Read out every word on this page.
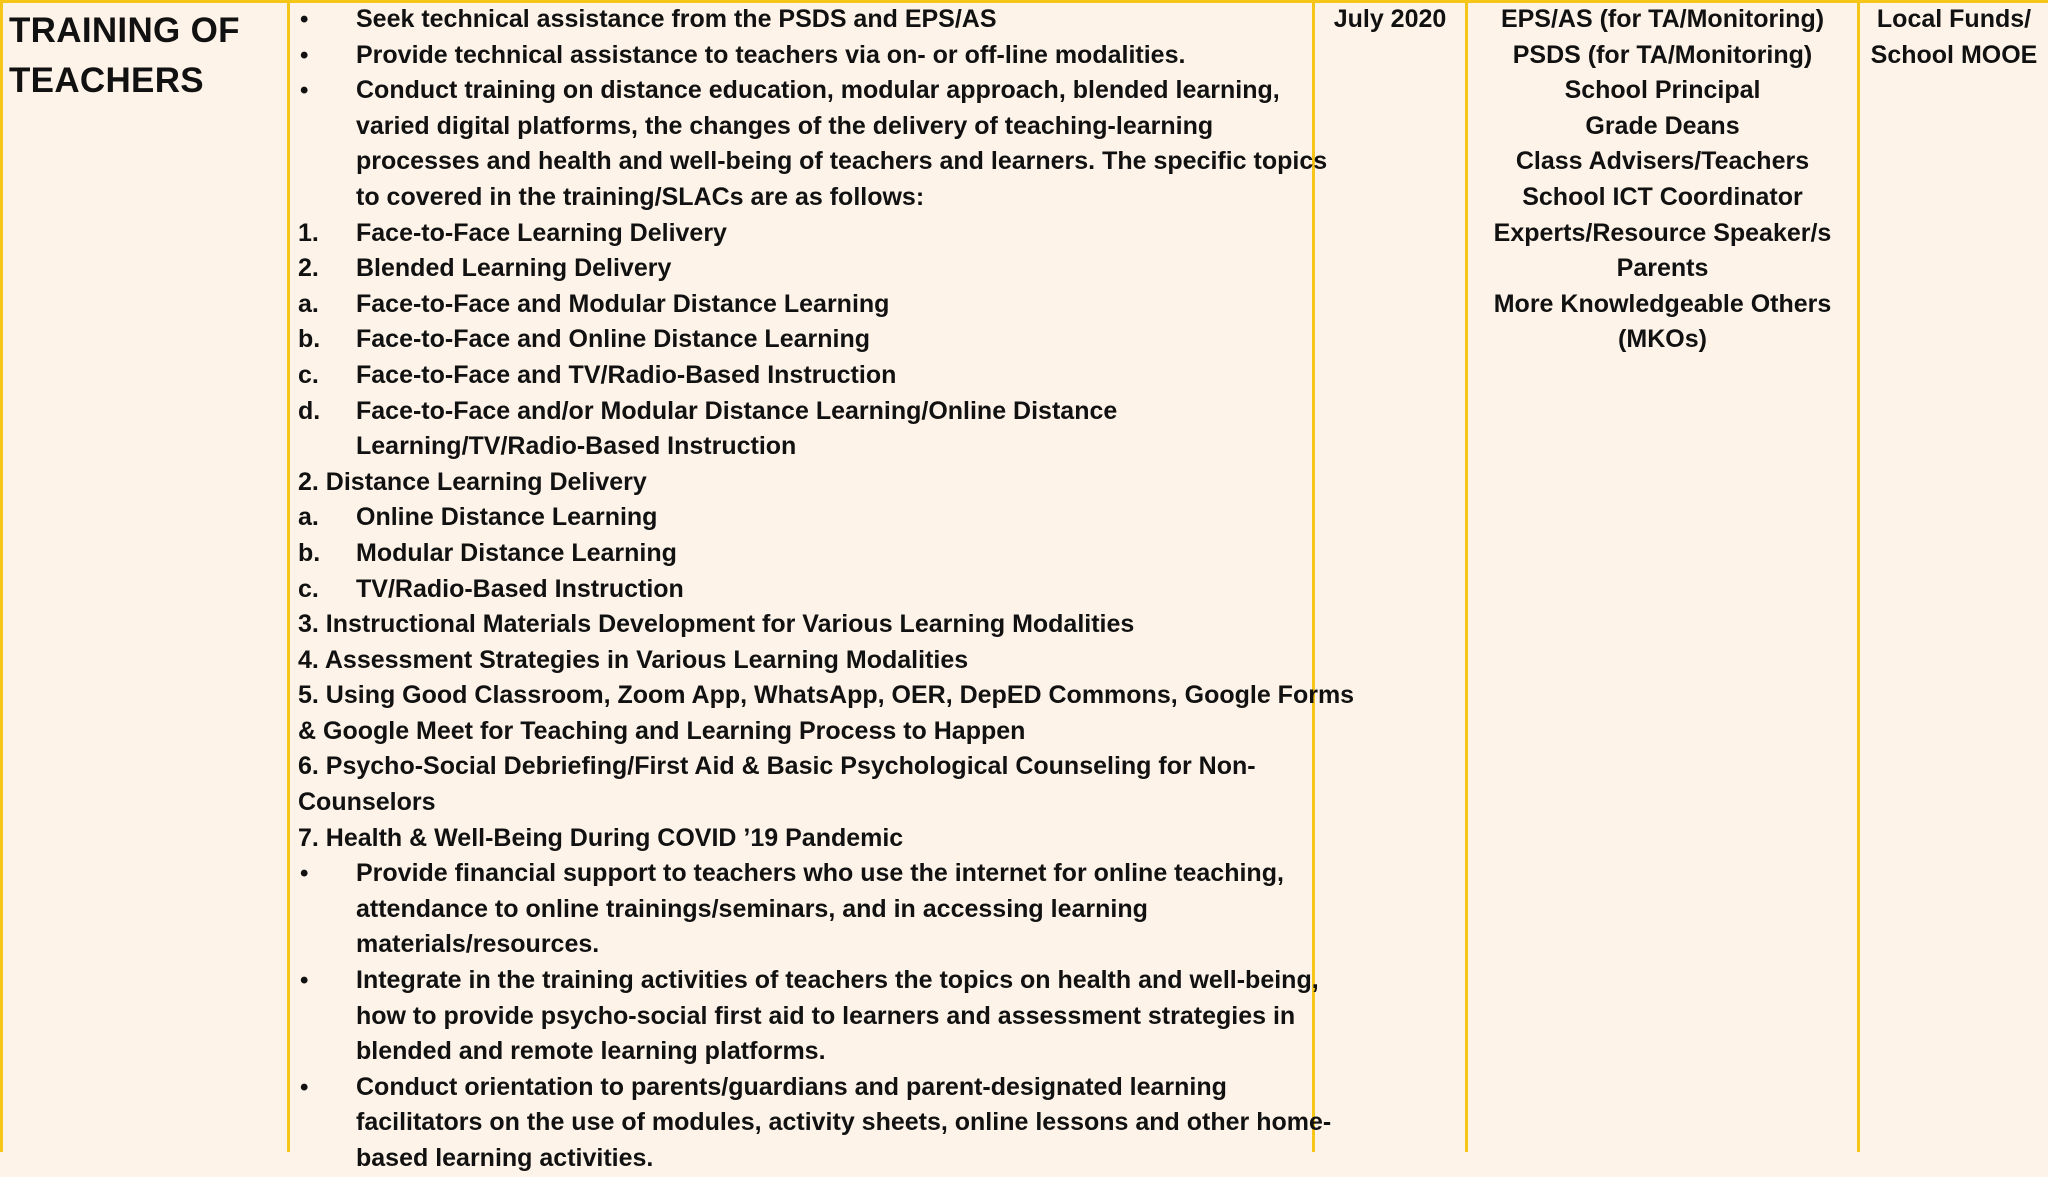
TRAINING OF
TEACHERS
• Seek technical assistance from the PSDS and EPS/AS
• Provide technical assistance to teachers via on- or off-line modalities.
• Conduct training on distance education, modular approach, blended learning,
varied digital platforms, the changes of the delivery of teaching-learning
processes and health and well-being of teachers and learners. The specific topics
to covered in the training/SLACs are as follows:
1. Face-to-Face Learning Delivery
2. Blended Learning Delivery
a. Face-to-Face and Modular Distance Learning
b. Face-to-Face and Online Distance Learning
c. Face-to-Face and TV/Radio-Based Instruction
d. Face-to-Face and/or Modular Distance Learning/Online Distance
Learning/TV/Radio-Based Instruction
2. Distance Learning Delivery
a. Online Distance Learning
b. Modular Distance Learning
c. TV/Radio-Based Instruction
3. Instructional Materials Development for Various Learning Modalities
4. Assessment Strategies in Various Learning Modalities
5. Using Good Classroom, Zoom App, WhatsApp, OER, DepED Commons, Google Forms
& Google Meet for Teaching and Learning Process to Happen
6. Psycho-Social Debriefing/First Aid & Basic Psychological Counseling for Non-
Counselors
7. Health & Well-Being During COVID ’19 Pandemic
• Provide financial support to teachers who use the internet for online teaching,
attendance to online trainings/seminars, and in accessing learning
materials/resources.
• Integrate in the training activities of teachers the topics on health and well-being,
how to provide psycho-social first aid to learners and assessment strategies in
blended and remote learning platforms.
• Conduct orientation to parents/guardians and parent-designated learning
facilitators on the use of modules, activity sheets, online lessons and other home-
based learning activities.
July 2020	EPS/AS (for TA/Monitoring)
PSDS (for TA/Monitoring)
School Principal
Grade Deans
Class Advisers/Teachers
School ICT Coordinator
Experts/Resource Speaker/s
Parents
More Knowledgeable Others
(MKOs)
Local Funds/
School MOOE
